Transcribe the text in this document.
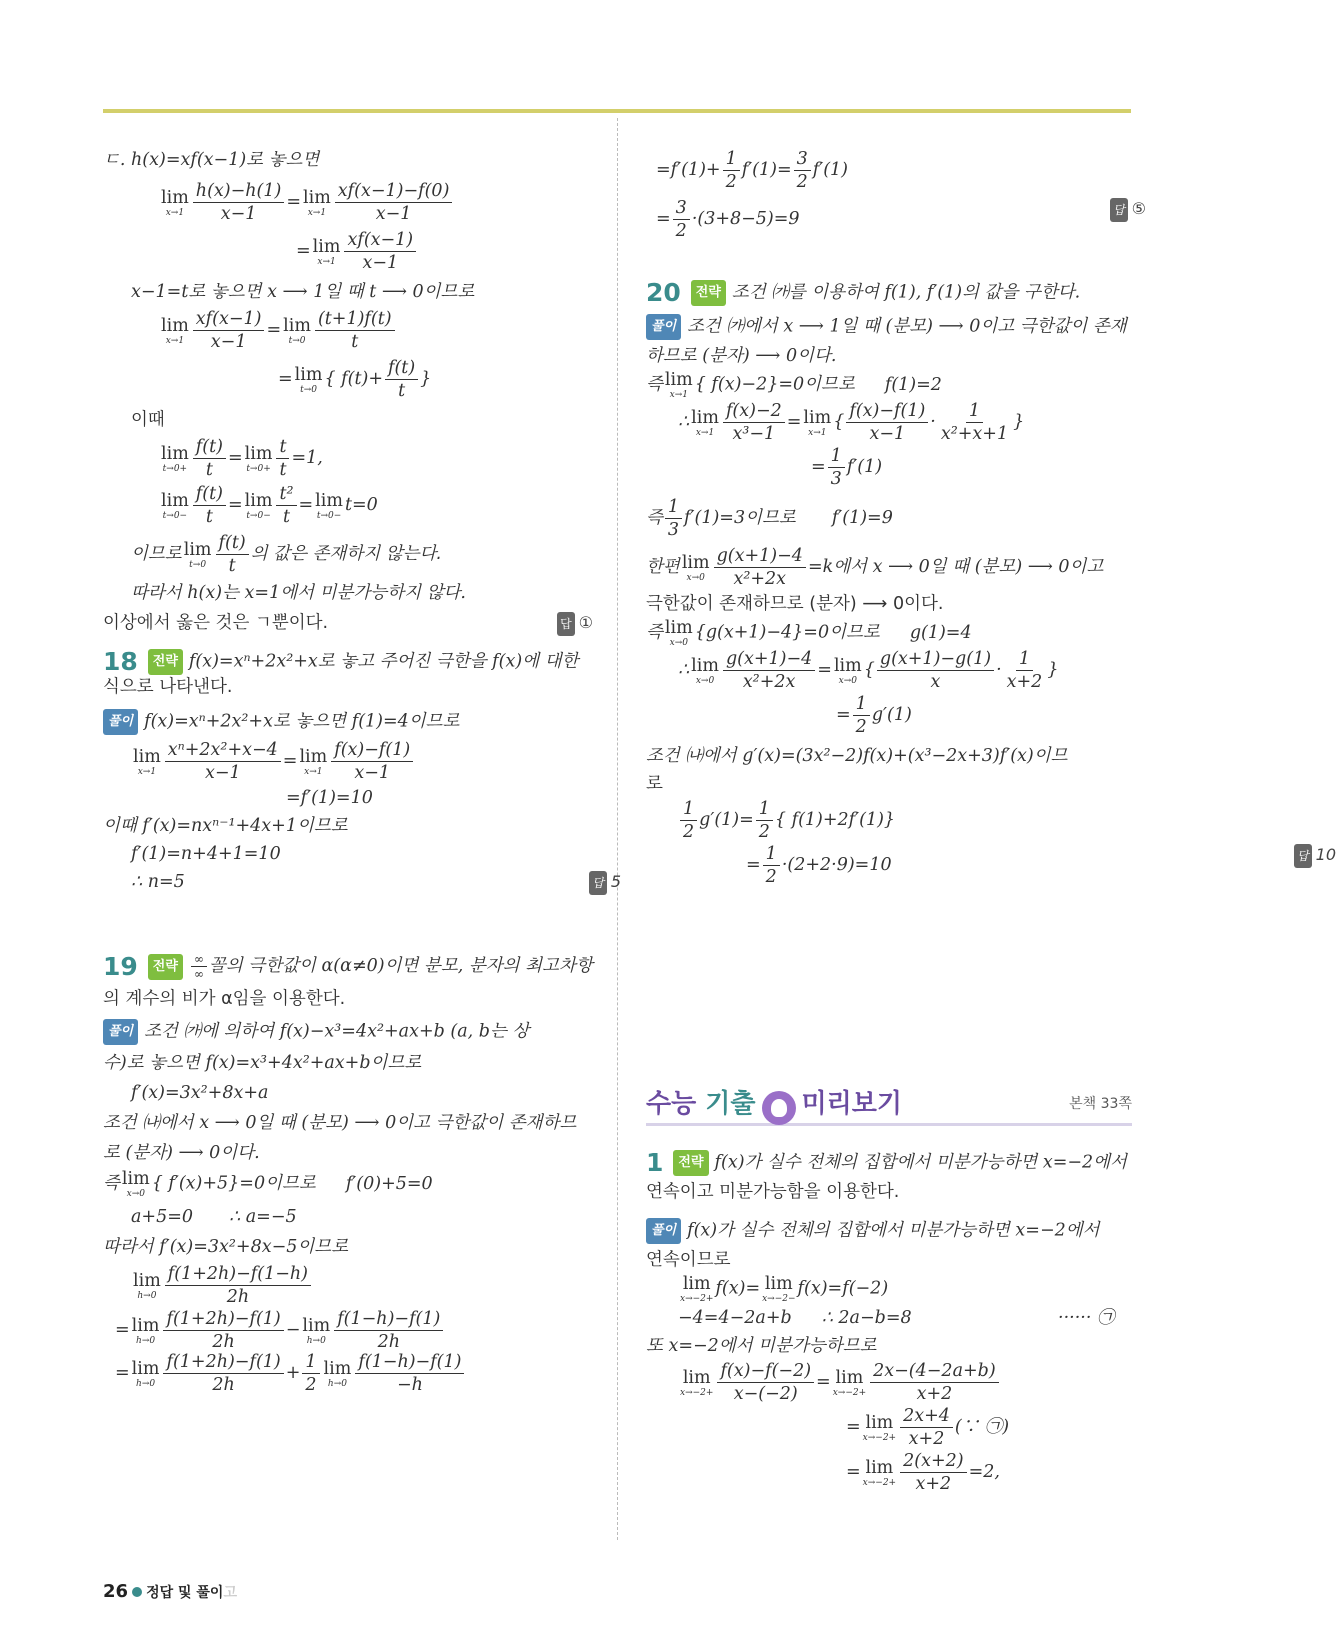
ㄷ. h(x)=xf(x−1)로 놓으면
lim
$x\to 1 \frac{h(x)-h(1)}{x-1} = \lim$
$x\to 1 \frac{xf(x-1)-f(0)}{x-1}$
= lim
$x\to 1 \frac{xf(x-1)}{x-1}$
x−1=t로 놓으면 x ⟶ 1일 때 t ⟶ 0이므로
lim
$x\to 1 \frac{xf(x-1)}{x-1} = \lim$
$t\to 0 \frac{(t+1)f(t)}{t}$
= lim
t→0
{ $f(t)+ \frac{f(t)}{t}$ }
이때
lim
$t\to 0+ \frac{f(t)}{t} = \lim$
$t\to 0+ \frac{t}{t} =1$,
lim
$t\to 0- \frac{f(t)}{t} = \lim$
$t\to 0- \frac{\text{t²}}{t} = \lim$
t→0−
t=0
이므로 lim
$t\to 0 \frac{f(t)}{t}$ 의 값은 존재하지 않는다.
따라서 h(x)는 x=1에서 미분가능하지 않다.
이상에서 옳은 것은 ㄱ뿐이다.	답 ①
18 전략 f(x)=xⁿ+2x²+x로 놓고 주어진 극한을 f(x)에 대한
식으로 나타낸다.
풀이 f(x)=xⁿ+2x²+x로 놓으면 f(1)=4이므로
lim
$x\to 1 \frac{\text{xⁿ+2x²+x−4}}{x-1} = \lim$
$x\to 1 \frac{f(x)-f(1)}{x-1}$
=f′(1)=10
이때 f′(x)=nxⁿ⁻¹+4x+1이므로
f′(1)=n+4+1=10
∴ n=5	답 5
19 전략 $\frac{\infty}{\infty}$ 꼴의 극한값이 α(α≠0)이면 분모, 분자의 최고차항
의 계수의 비가 α임을 이용한다.
풀이 조건 ㈎에 의하여 f(x)−x³=4x²+ax+b (a, b는 상
수)로 놓으면 f(x)=x³+4x²+ax+b이므로
f′(x)=3x²+8x+a
조건 ㈏에서 x ⟶ 0일 때 (분모) ⟶ 0이고 극한값이 존재하므
로 (분자) ⟶ 0이다.
즉 lim
x→0
{ f′(x)+5}=0이므로 f′(0)+5=0
a+5=0 ∴ a=−5
따라서 f′(x)=3x²+8x−5이므로
lim
$h\to 0 \frac{f(1+2h)-f(1-h)}{2h}$
= lim
$h\to 0 \frac{f(1+2h)-f(1)}{2h} - \lim$
$h\to 0 \frac{f(1-h)-f(1)}{2h}$
= lim
$h\to 0 \frac{f(1+2h)-f(1)}{2h} + \frac{1}{2}$ lim
$h\to 0 \frac{f(1-h)-f(1)}{-h}$
$=f'(1)+ \frac{1}{2} f'(1)= \frac{3}{2} f'(1)$
= $\frac{3}{2} \cdot(3+8-5)=9$	답 ⑤
20 전략 조건 ㈎를 이용하여 f(1), f′(1)의 값을 구한다.
풀이 조건 ㈎에서 x ⟶ 1일 때 (분모) ⟶ 0이고 극한값이 존재
하므로 (분자) ⟶ 0이다.
즉 lim
x→1
{ f(x)−2}=0이므로 f(1)=2
∴ lim
$x\to 1 \frac{f(x)-2}{\text{x³−1}} = \lim$
x→1
{ $\frac{f(x)-f(1)}{x-1} \cdot \frac{1}{\text{x²+x+1}}$ }
= $\frac{1}{3} f'(1)$
즉 $\frac{1}{3} f'(1)=3$이므로 f′(1)=9
한편 lim
$x\to 0 \frac{g(x+1)-4}{\text{x²+2x}} =k$에서 x ⟶ 0일 때 (분모) ⟶ 0이고
극한값이 존재하므로 (분자) ⟶ 0이다.
즉 lim
x→0
{g(x+1)−4}=0이므로 g(1)=4
∴ lim
$x\to 0 \frac{g(x+1)-4}{\text{x²+2x}} = \lim$
x→0
{ $\frac{g(x+1)-g(1)}{x} \cdot \frac{1}{x+2}$ }
= $\frac{1}{2} g'(1)$
조건 ㈏에서 g′(x)=(3x²−2)f(x)+(x³−2x+3)f′(x)이므
로
$\frac{1}{2} g'(1)= \frac{1}{2}$ { f(1)+2f′(1)}
= $\frac{1}{2} \cdot(2+2\cdot 9)=10$	답 10
수능 기출 미리보기	본책 33쪽
1 전략 f(x)가 실수 전체의 집합에서 미분가능하면 x=−2에서
연속이고 미분가능함을 이용한다.
풀이 f(x)가 실수 전체의 집합에서 미분가능하면 x=−2에서
연속이므로
lim
x→−2+
f(x)= lim
x→−2−
f(x)=f(−2)
−4=4−2a+b ∴ 2a−b=8	······ ㉠
또 x=−2에서 미분가능하므로
lim
$x\to-2+ \frac{f(x)-f(-2)}{x-(-2)} = \lim$
$x\to-2+ \frac{2x-(4-2a+b)}{x+2}$
= lim
$x\to-2+ \frac{2x+4}{x+2}$ (∵ ㉠)
= lim
$x\to-2+ \frac{2(x+2)}{x+2} =2$,
26 정답 및 풀이고
